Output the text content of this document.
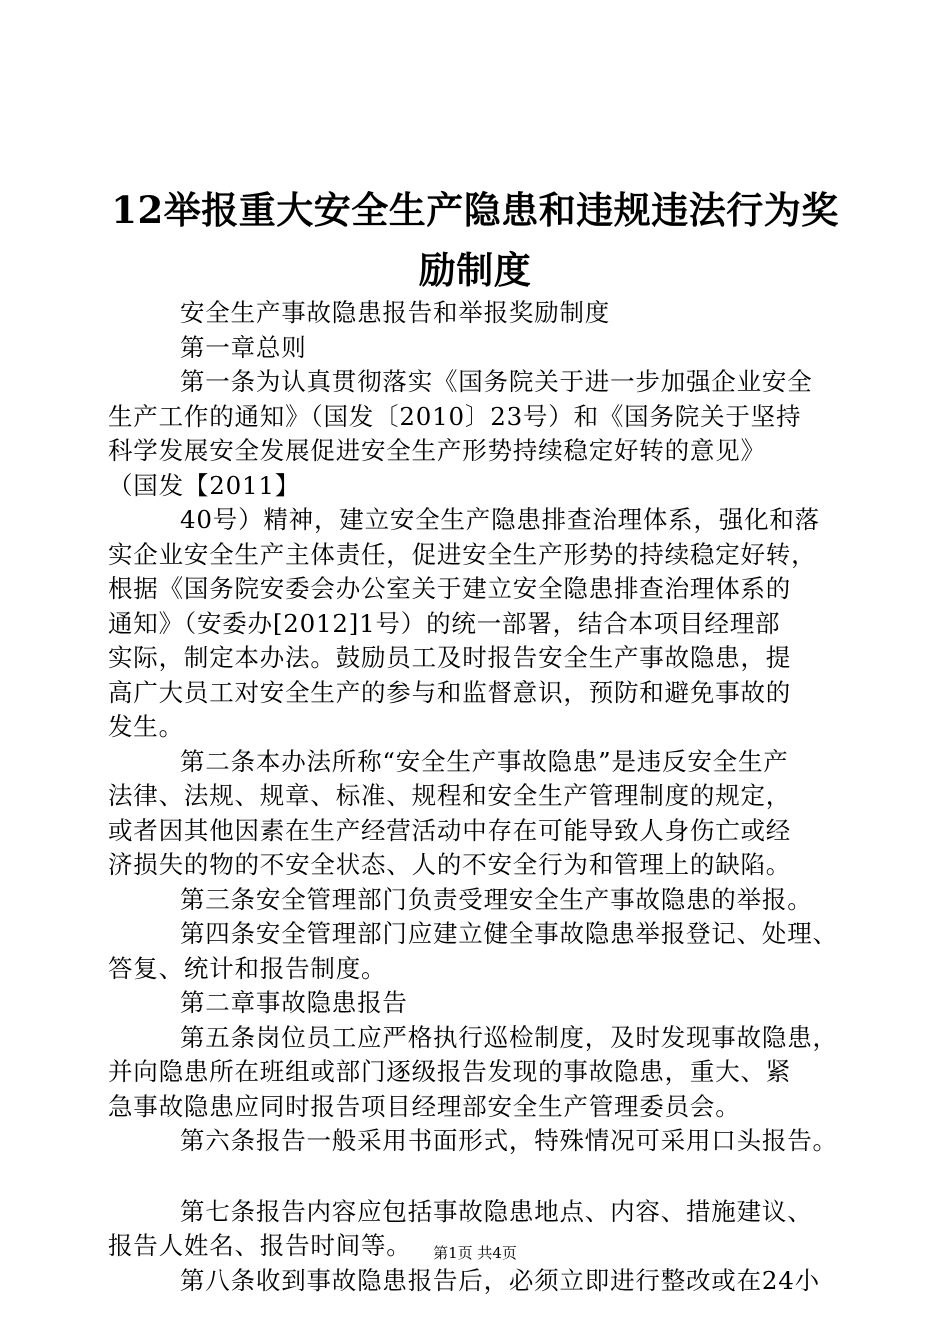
12举报重大安全生产隐患和违规违法行为奖
励制度
安全生产事故隐患报告和举报奖励制度
第一章总则
第一条为认真贯彻落实《国务院关于进一步加强企业安全
生产工作的通知》（国发〔2010〕23号）和《国务院关于坚持
科学发展安全发展促进安全生产形势持续稳定好转的意见》
（国发【2011】
40号）精神，建立安全生产隐患排查治理体系，强化和落
实企业安全生产主体责任，促进安全生产形势的持续稳定好转，
根据《国务院安委会办公室关于建立安全隐患排查治理体系的
通知》（安委办[2012]1号）的统一部署，结合本项目经理部
实际，制定本办法。鼓励员工及时报告安全生产事故隐患，提
高广大员工对安全生产的参与和监督意识，预防和避免事故的
发生。
第二条本办法所称“安全生产事故隐患”是违反安全生产
法律、法规、规章、标准、规程和安全生产管理制度的规定，
或者因其他因素在生产经营活动中存在可能导致人身伤亡或经
济损失的物的不安全状态、人的不安全行为和管理上的缺陷。
第三条安全管理部门负责受理安全生产事故隐患的举报。
第四条安全管理部门应建立健全事故隐患举报登记、处理、
答复、统计和报告制度。
第二章事故隐患报告
第五条岗位员工应严格执行巡检制度，及时发现事故隐患，
并向隐患所在班组或部门逐级报告发现的事故隐患，重大、紧
急事故隐患应同时报告项目经理部安全生产管理委员会。
第六条报告一般采用书面形式，特殊情况可采用口头报告。
第七条报告内容应包括事故隐患地点、内容、措施建议、
报告人姓名、报告时间等。
第八条收到事故隐患报告后，必须立即进行整改或在24小
第1页 共4页
